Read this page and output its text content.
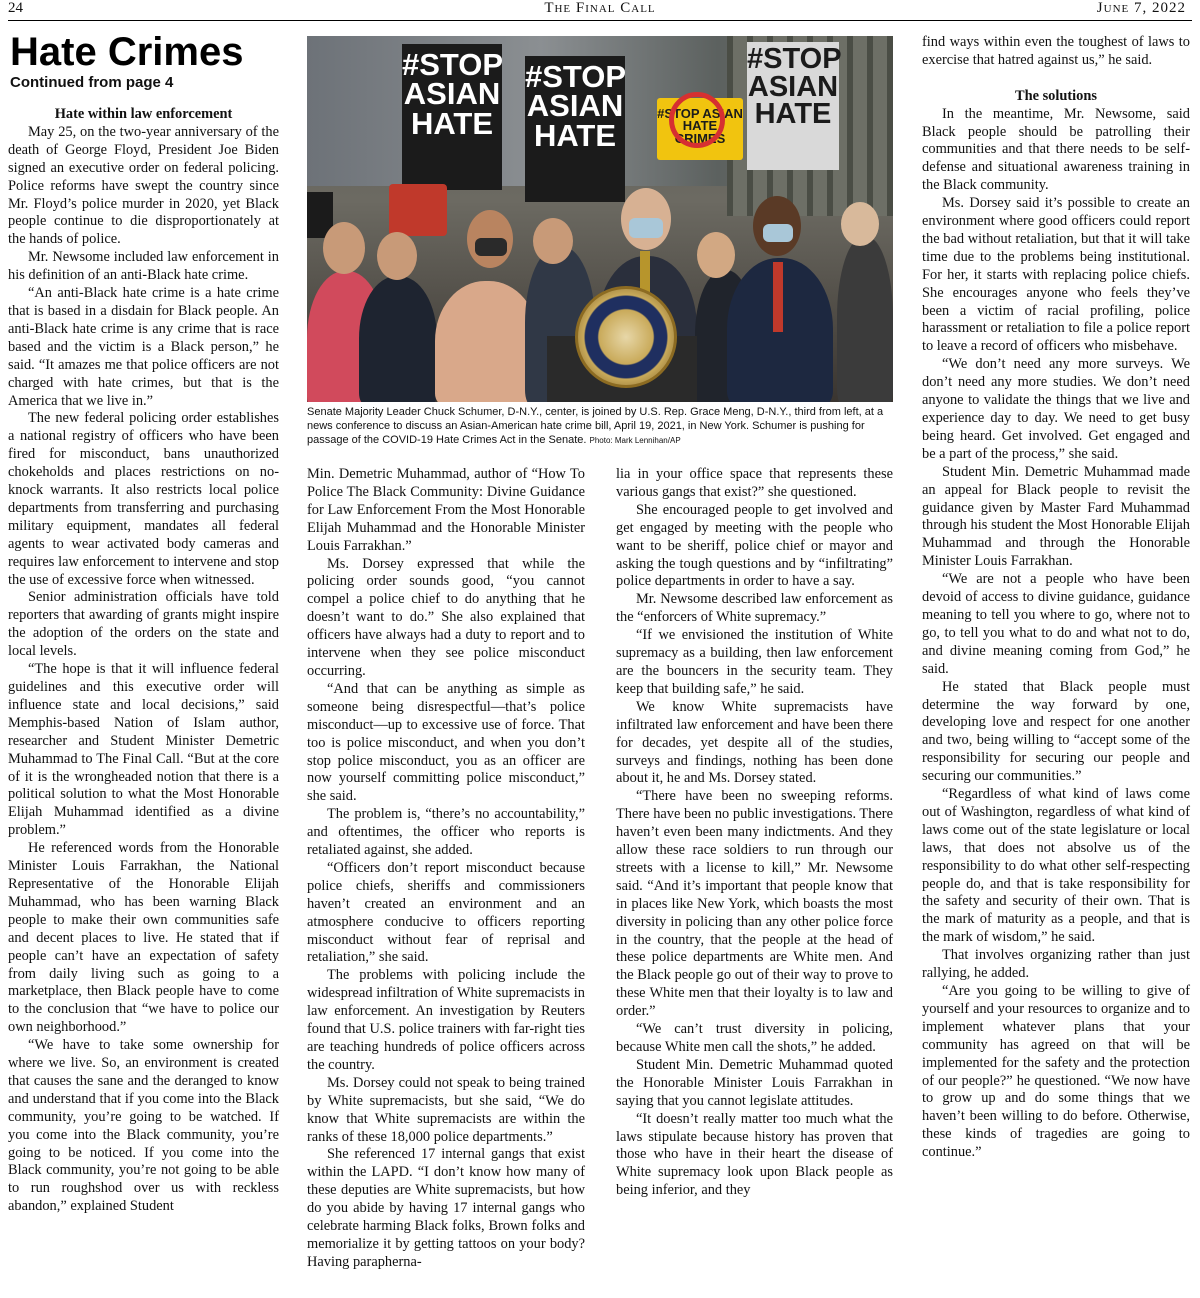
24	The Final Call	June 7, 2022
Hate Crimes
Continued from page 4
#STOP ASIAN HATE
#STOP ASIAN HATE
#STOP ASIAN HATE
#STOP ASIAN HATE CRIMES
Senate Majority Leader Chuck Schumer, D-N.Y., center, is joined by U.S. Rep. Grace Meng, D-N.Y., third from left, at a news conference to discuss an Asian-American hate crime bill, April 19, 2021, in New York. Schumer is pushing for passage of the COVID-19 Hate Crimes Act in the Senate. Photo: Mark Lennihan/AP
Hate within law enforcement

May 25, on the two-year anniversary of the death of George Floyd, President Joe Biden signed an executive order on federal policing. Police reforms have swept the country since Mr. Floyd’s police murder in 2020, yet Black people continue to die disproportionately at the hands of police.

Mr. Newsome included law enforcement in his definition of an anti-Black hate crime.

“An anti-Black hate crime is a hate crime that is based in a disdain for Black people. An anti-Black hate crime is any crime that is race based and the victim is a Black person,” he said. “It amazes me that police officers are not charged with hate crimes, but that is the America that we live in.”

The new federal policing order establishes a national registry of officers who have been fired for misconduct, bans unauthorized chokeholds and places restrictions on no-knock warrants. It also restricts local police departments from transferring and purchasing military equipment, mandates all federal agents to wear activated body cameras and requires law enforcement to intervene and stop the use of excessive force when witnessed.

Senior administration officials have told reporters that awarding of grants might inspire the adoption of the orders on the state and local levels.

“The hope is that it will influence federal guidelines and this executive order will influence state and local decisions,” said Memphis-based Nation of Islam author, researcher and Student Minister Demetric Muhammad to The Final Call. “But at the core of it is the wrongheaded notion that there is a political solution to what the Most Honorable Elijah Muhammad identified as a divine problem.”

He referenced words from the Honorable Minister Louis Farrakhan, the National Representative of the Honorable Elijah Muhammad, who has been warning Black people to make their own communities safe and decent places to live. He stated that if people can’t have an expectation of safety from daily living such as going to a marketplace, then Black people have to come to the conclusion that “we have to police our own neighborhood.”

“We have to take some ownership for where we live. So, an environment is created that causes the sane and the deranged to know and understand that if you come into the Black community, you’re going to be watched. If you come into the Black community, you’re going to be noticed. If you come into the Black community, you’re not going to be able to run roughshod over us with reckless abandon,” explained Student

Min. Demetric Muhammad, author of “How To Police The Black Community: Divine Guidance for Law Enforcement From the Most Honorable Elijah Muhammad and the Honorable Minister Louis Farrakhan.”

Ms. Dorsey expressed that while the policing order sounds good, “you cannot compel a police chief to do anything that he doesn’t want to do.” She also explained that officers have always had a duty to report and to intervene when they see police misconduct occurring.

“And that can be anything as simple as someone being disrespectful—that’s police misconduct—up to excessive use of force. That too is police misconduct, and when you don’t stop police misconduct, you as an officer are now yourself committing police misconduct,” she said.

The problem is, “there’s no accountability,” and oftentimes, the officer who reports is retaliated against, she added.

“Officers don’t report misconduct because police chiefs, sheriffs and commissioners haven’t created an environment and an atmosphere conducive to officers reporting misconduct without fear of reprisal and retaliation,” she said.

The problems with policing include the widespread infiltration of White supremacists in law enforcement. An investigation by Reuters found that U.S. police trainers with far-right ties are teaching hundreds of police officers across the country.

Ms. Dorsey could not speak to being trained by White supremacists, but she said, “We do know that White supremacists are within the ranks of these 18,000 police departments.”

She referenced 17 internal gangs that exist within the LAPD. “I don’t know how many of these deputies are White supremacists, but how do you abide by having 17 internal gangs who celebrate harming Black folks, Brown folks and memorialize it by getting tattoos on your body? Having parapherna-

lia in your office space that represents these various gangs that exist?” she questioned.

She encouraged people to get involved and get engaged by meeting with the people who want to be sheriff, police chief or mayor and asking the tough questions and by “infiltrating” police departments in order to have a say.

Mr. Newsome described law enforcement as the “enforcers of White supremacy.”

“If we envisioned the institution of White supremacy as a building, then law enforcement are the bouncers in the security team. They keep that building safe,” he said.

We know White supremacists have infiltrated law enforcement and have been there for decades, yet despite all of the studies, surveys and findings, nothing has been done about it, he and Ms. Dorsey stated.

“There have been no sweeping reforms. There have been no public investigations. There haven’t even been many indictments. And they allow these race soldiers to run through our streets with a license to kill,” Mr. Newsome said. “And it’s important that people know that in places like New York, which boasts the most diversity in policing than any other police force in the country, that the people at the head of these police departments are White men. And the Black people go out of their way to prove to these White men that their loyalty is to law and order.”

“We can’t trust diversity in policing, because White men call the shots,” he added.

Student Min. Demetric Muhammad quoted the Honorable Minister Louis Farrakhan in saying that you cannot legislate attitudes.

“It doesn’t really matter too much what the laws stipulate because history has proven that those who have in their heart the disease of White supremacy look upon Black people as being inferior, and they

find ways within even the toughest of laws to exercise that hatred against us,” he said.

The solutions

In the meantime, Mr. Newsome, said Black people should be patrolling their communities and that there needs to be self-defense and situational awareness training in the Black community.

Ms. Dorsey said it’s possible to create an environment where good officers could report the bad without retaliation, but that it will take time due to the problems being institutional. For her, it starts with replacing police chiefs. She encourages anyone who feels they’ve been a victim of racial profiling, police harassment or retaliation to file a police report to leave a record of officers who misbehave.

“We don’t need any more surveys. We don’t need any more studies. We don’t need anyone to validate the things that we live and experience day to day. We need to get busy being heard. Get involved. Get engaged and be a part of the process,” she said.

Student Min. Demetric Muhammad made an appeal for Black people to revisit the guidance given by Master Fard Muhammad through his student the Most Honorable Elijah Muhammad and through the Honorable Minister Louis Farrakhan.

“We are not a people who have been devoid of access to divine guidance, guidance meaning to tell you where to go, where not to go, to tell you what to do and what not to do, and divine meaning coming from God,” he said.

He stated that Black people must determine the way forward by one, developing love and respect for one another and two, being willing to “accept some of the responsibility for securing our people and securing our communities.”

“Regardless of what kind of laws come out of Washington, regardless of what kind of laws come out of the state legislature or local laws, that does not absolve us of the responsibility to do what other self-respecting people do, and that is take responsibility for the safety and security of their own. That is the mark of maturity as a people, and that is the mark of wisdom,” he said.

That involves organizing rather than just rallying, he added.

“Are you going to be willing to give of yourself and your resources to organize and to implement whatever plans that your community has agreed on that will be implemented for the safety and the protection of our people?” he questioned. “We now have to grow up and do some things that we haven’t been willing to do before. Otherwise, these kinds of tragedies are going to continue.”
